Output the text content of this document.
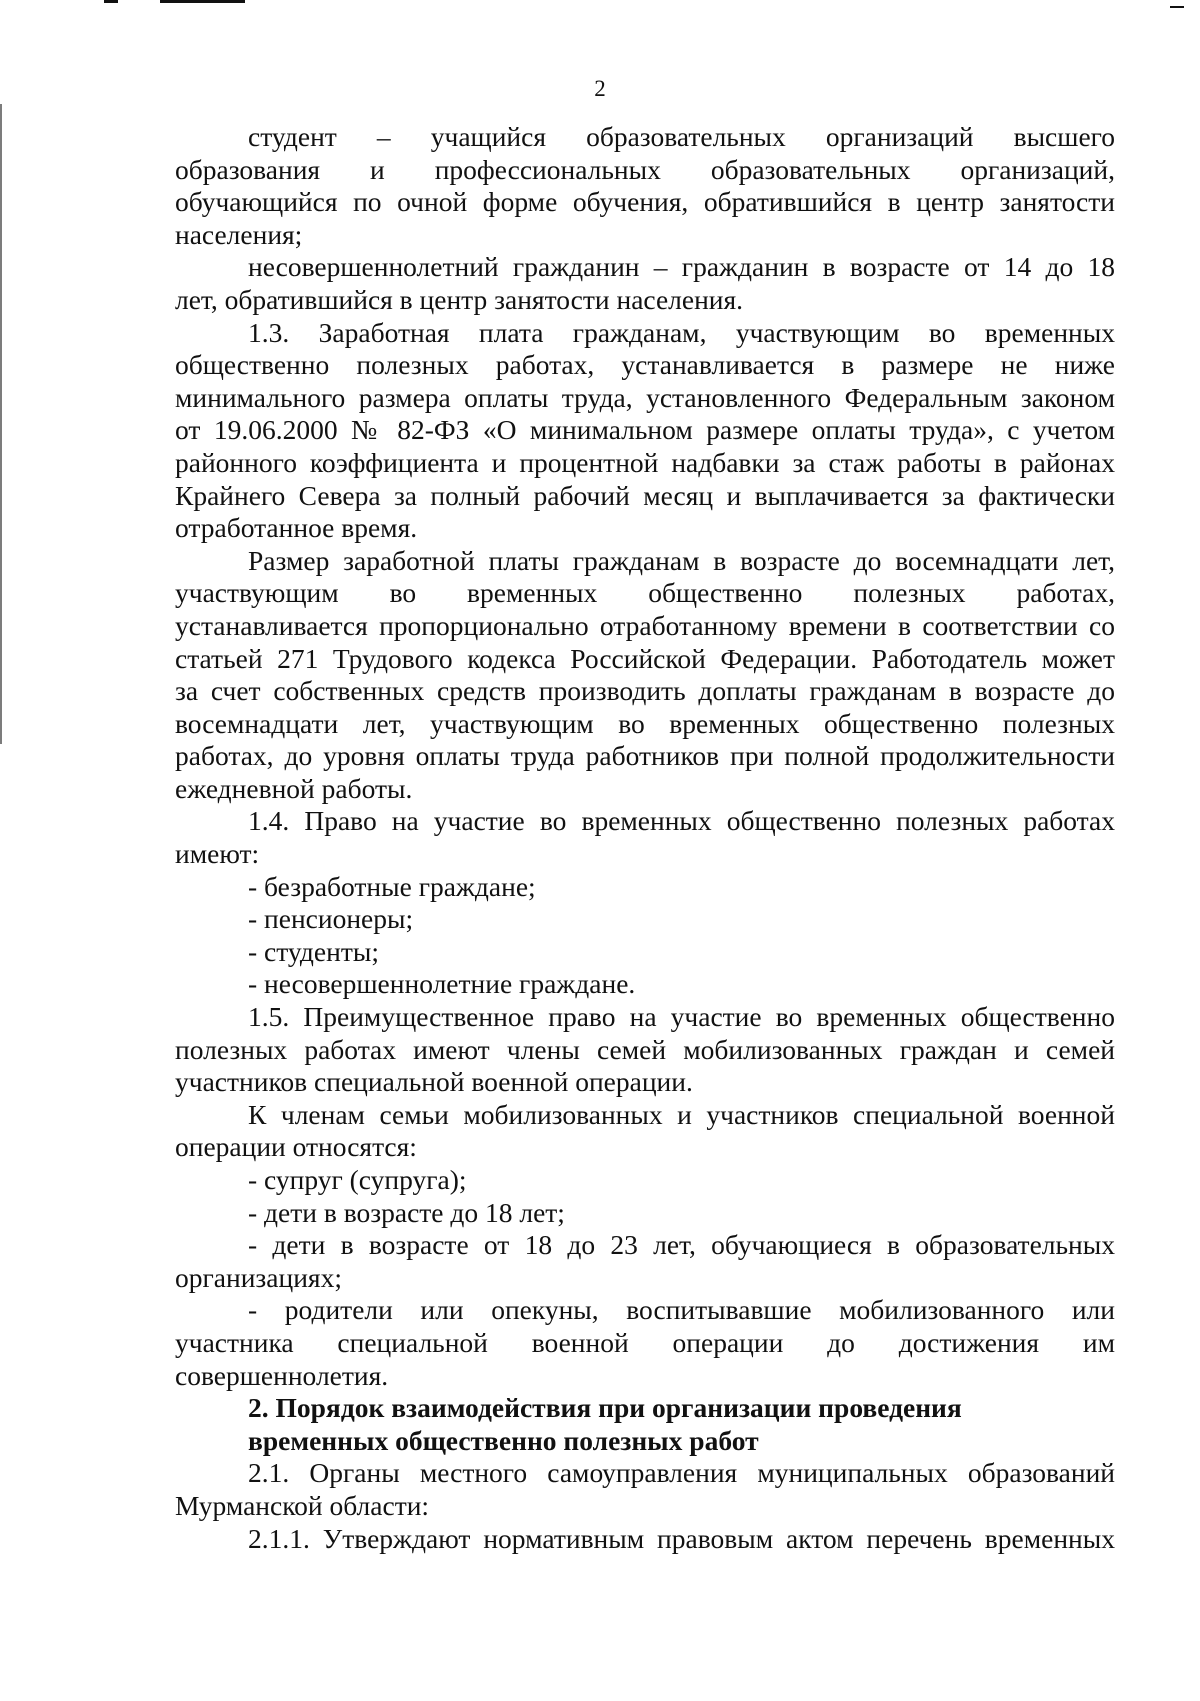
2

студент – учащийся образовательных организаций высшего
образования и профессиональных образовательных организаций,
обучающийся по очной форме обучения, обратившийся в центр занятости
населения;

несовершеннолетний гражданин – гражданин в возрасте от 14 до 18
лет, обратившийся в центр занятости населения.

1.3. Заработная плата гражданам, участвующим во временных
общественно полезных работах, устанавливается в размере не ниже
минимального размера оплаты труда, установленного Федеральным законом
от 19.06.2000 № 82-ФЗ «О минимальном размере оплаты труда», с учетом
районного коэффициента и процентной надбавки за стаж работы в районах
Крайнего Севера за полный рабочий месяц и выплачивается за фактически
отработанное время.

Размер заработной платы гражданам в возрасте до восемнадцати лет,
участвующим во временных общественно полезных работах,
устанавливается пропорционально отработанному времени в соответствии со
статьей 271 Трудового кодекса Российской Федерации. Работодатель может
за счет собственных средств производить доплаты гражданам в возрасте до
восемнадцати лет, участвующим во временных общественно полезных
работах, до уровня оплаты труда работников при полной продолжительности
ежедневной работы.

1.4. Право на участие во временных общественно полезных работах
имеют:

- безработные граждане;

- пенсионеры;

- студенты;

- несовершеннолетние граждане.

1.5. Преимущественное право на участие во временных общественно
полезных работах имеют члены семей мобилизованных граждан и семей
участников специальной военной операции.

К членам семьи мобилизованных и участников специальной военной
операции относятся:

- супруг (супруга);

- дети в возрасте до 18 лет;

- дети в возрасте от 18 до 23 лет, обучающиеся в образовательных
организациях;

- родители или опекуны, воспитывавшие мобилизованного или
участника специальной военной операции до достижения им
совершеннолетия.

2. Порядок взаимодействия при организации проведения
временных общественно полезных работ

2.1. Органы местного самоуправления муниципальных образований
Мурманской области:

2.1.1. Утверждают нормативным правовым актом перечень временных
